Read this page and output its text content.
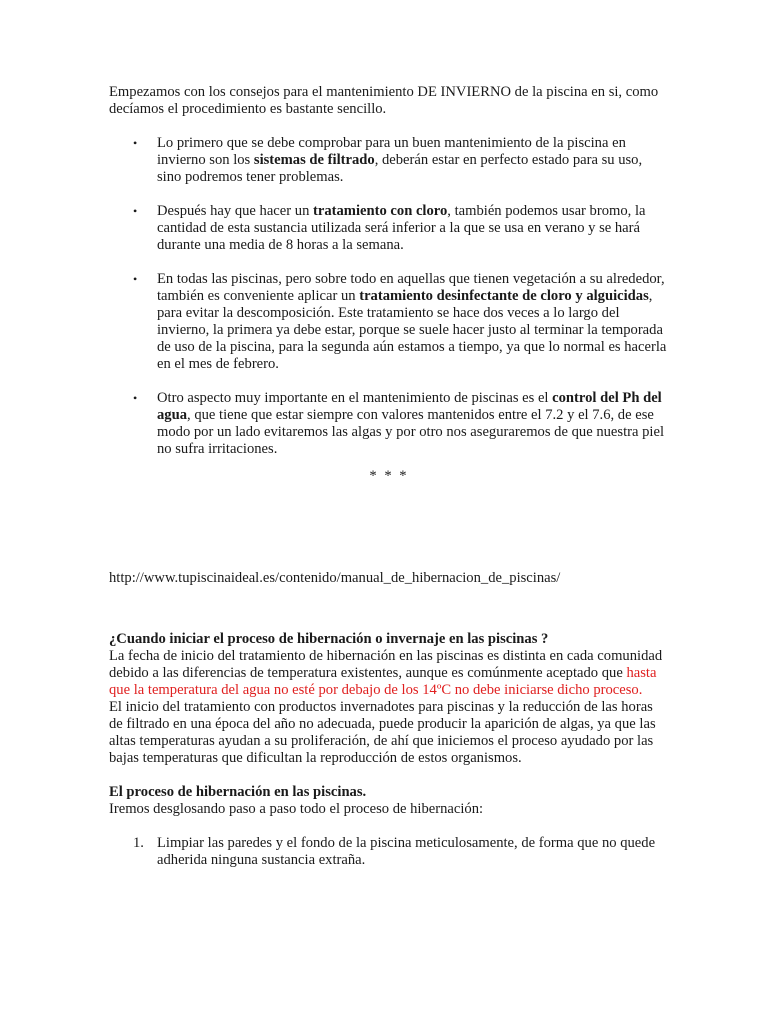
Empezamos con los consejos para el mantenimiento DE INVIERNO de la piscina en si, como decíamos el procedimiento es bastante sencillo.

• Lo primero que se debe comprobar para un buen mantenimiento de la piscina en invierno son los sistemas de filtrado, deberán estar en perfecto estado para su uso, sino podremos tener problemas.
• Después hay que hacer un tratamiento con cloro, también podemos usar bromo, la cantidad de esta sustancia utilizada será inferior a la que se usa en verano y se hará durante una media de 8 horas a la semana.
• En todas las piscinas, pero sobre todo en aquellas que tienen vegetación a su alrededor, también es conveniente aplicar un tratamiento desinfectante de cloro y alguicidas, para evitar la descomposición. Este tratamiento se hace dos veces a lo largo del invierno, la primera ya debe estar, porque se suele hacer justo al terminar la temporada de uso de la piscina, para la segunda aún estamos a tiempo, ya que lo normal es hacerla en el mes de febrero.
• Otro aspecto muy importante en el mantenimiento de piscinas es el control del Ph del agua, que tiene que estar siempre con valores mantenidos entre el 7.2 y el 7.6, de ese modo por un lado evitaremos las algas y por otro nos aseguraremos de que nuestra piel no sufra irritaciones.

* * *

http://www.tupiscinaideal.es/contenido/manual_de_hibernacion_de_piscinas/

¿Cuando iniciar el proceso de hibernación o invernaje en las piscinas ?

La fecha de inicio del tratamiento de hibernación en las piscinas es distinta en cada comunidad debido a las diferencias de temperatura existentes, aunque es comúnmente aceptado que hasta que la temperatura del agua no esté por debajo de los 14ºC no debe iniciarse dicho proceso.

El inicio del tratamiento con productos invernadotes para piscinas y la reducción de las horas de filtrado en una época del año no adecuada, puede producir la aparición de algas, ya que las altas temperaturas ayudan a su proliferación, de ahí que iniciemos el proceso ayudado por las bajas temperaturas que dificultan la reproducción de estos organismos.

El proceso de hibernación en las piscinas.

Iremos desglosando paso a paso todo el proceso de hibernación:

1. Limpiar las paredes y el fondo de la piscina meticulosamente, de forma que no quede adherida ninguna sustancia extraña.
